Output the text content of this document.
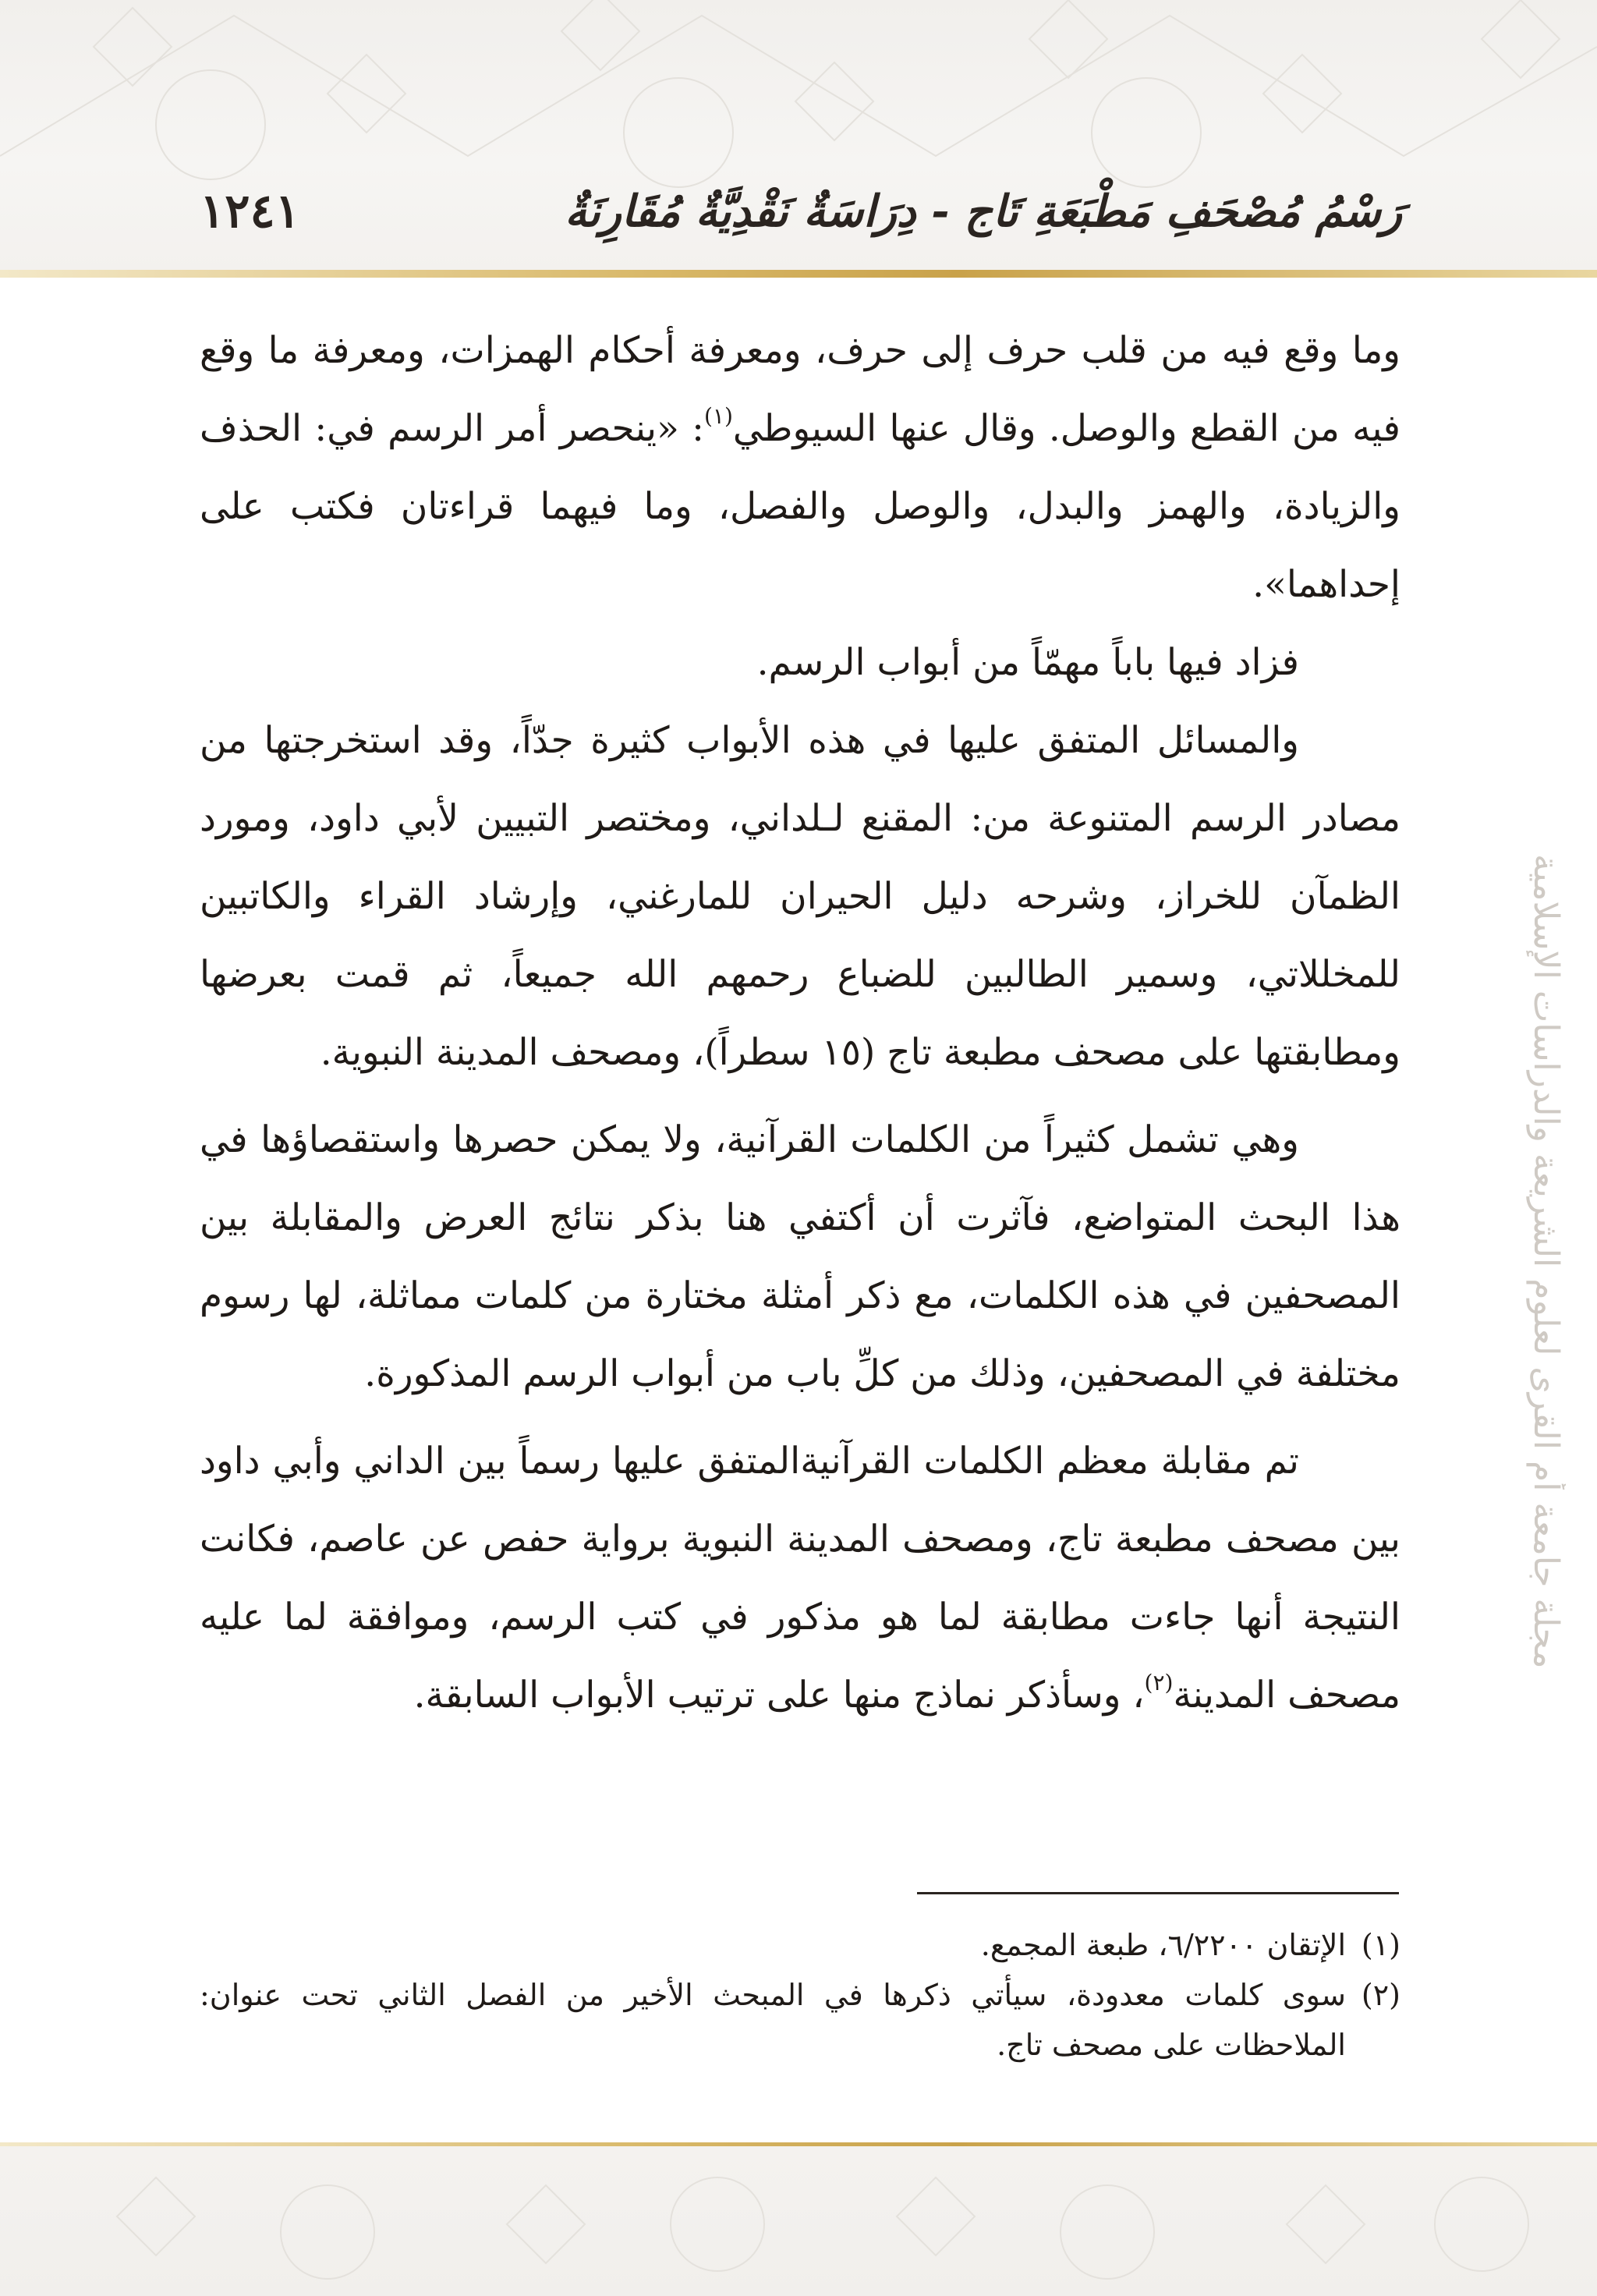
رَسْمُ مُصْحَفِ مَطْبَعَةِ تَاج - دِرَاسَةٌ نَقْدِيَّةٌ مُقَارِنَةٌ
١٢٤١
مجلة جامعة أم القرى لعلوم الشريعة والدراسات الإسلامية

وما وقع فيه من قلب حرف إلى حرف، ومعرفة أحكام الهمزات، ومعرفة ما وقع فيه من القطع والوصل. وقال عنها السيوطي$^{(١)}$: «ينحصر أمر الرسم في: الحذف والزيادة، والهمز والبدل، والوصل والفصل، وما فيهما قراءتان فكتب على إحداهما».

فزاد فيها باباً مهمّاً من أبواب الرسم.

والمسائل المتفق عليها في هذه الأبواب كثيرة جدّاً، وقد استخرجتها من مصادر الرسم المتنوعة من: المقنع لـلداني، ومختصر التبيين لأبي داود، ومورد الظمآن للخراز، وشرحه دليل الحيران للمارغني، وإرشاد القراء والكاتبين للمخللاتي، وسمير الطالبين للضباع رحمهم الله جميعاً، ثم قمت بعرضها ومطابقتها على مصحف مطبعة تاج (١٥ سطراً)، ومصحف المدينة النبوية.

وهي تشمل كثيراً من الكلمات القرآنية، ولا يمكن حصرها واستقصاؤها في هذا البحث المتواضع، فآثرت أن أكتفي هنا بذكر نتائج العرض والمقابلة بين المصحفين في هذه الكلمات، مع ذكر أمثلة مختارة من كلمات مماثلة، لها رسوم مختلفة في المصحفين، وذلك من كلِّ باب من أبواب الرسم المذكورة.

تم مقابلة معظم الكلمات القرآنيةالمتفق عليها رسماً بين الداني وأبي داود بين مصحف مطبعة تاج، ومصحف المدينة النبوية برواية حفص عن عاصم، فكانت النتيجة أنها جاءت مطابقة لما هو مذكور في كتب الرسم، وموافقة لما عليه مصحف المدينة$^{(٢)}$، وسأذكر نماذج منها على ترتيب الأبواب السابقة.

(١)
الإتقان ٦/٢٢٠٠، طبعة المجمع.
(٢)
سوى كلمات معدودة، سيأتي ذكرها في المبحث الأخير من الفصل الثاني تحت عنوان: الملاحظات على مصحف تاج.
